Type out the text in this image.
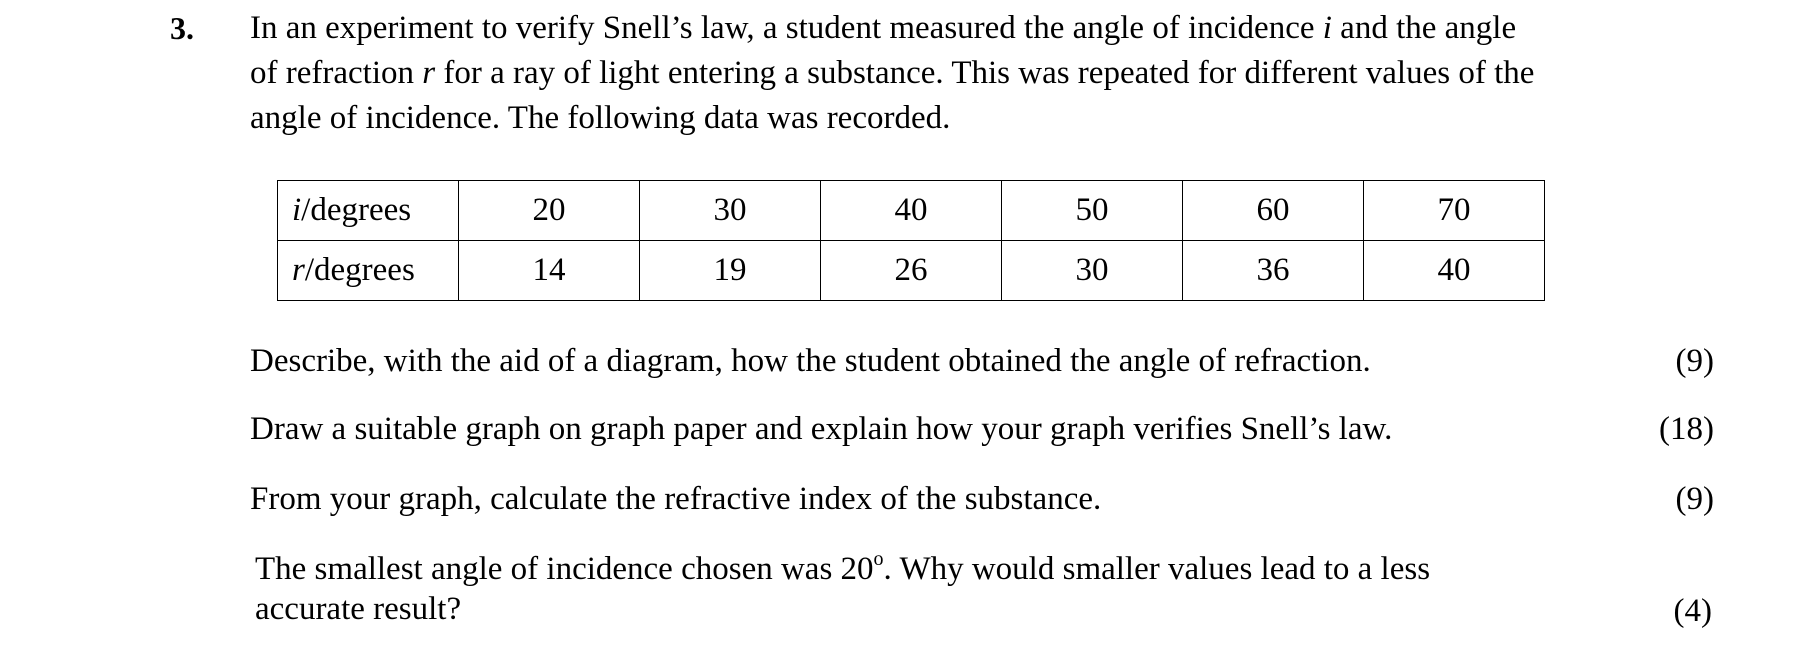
3. In an experiment to verify Snell’s law, a student measured the angle of incidence i and the angle
of refraction r for a ray of light entering a substance. This was repeated for different values of the
angle of incidence. The following data was recorded.
i/degrees	20	30	40	50	60	70
r/degrees	14	19	26	30	36	40
Describe, with the aid of a diagram, how the student obtained the angle of refraction.	(9)
Draw a suitable graph on graph paper and explain how your graph verifies Snell’s law.	(18)
From your graph, calculate the refractive index of the substance.	(9)
The smallest angle of incidence chosen was 20$^o$. Why would smaller values lead to a less
accurate result?	(4)
